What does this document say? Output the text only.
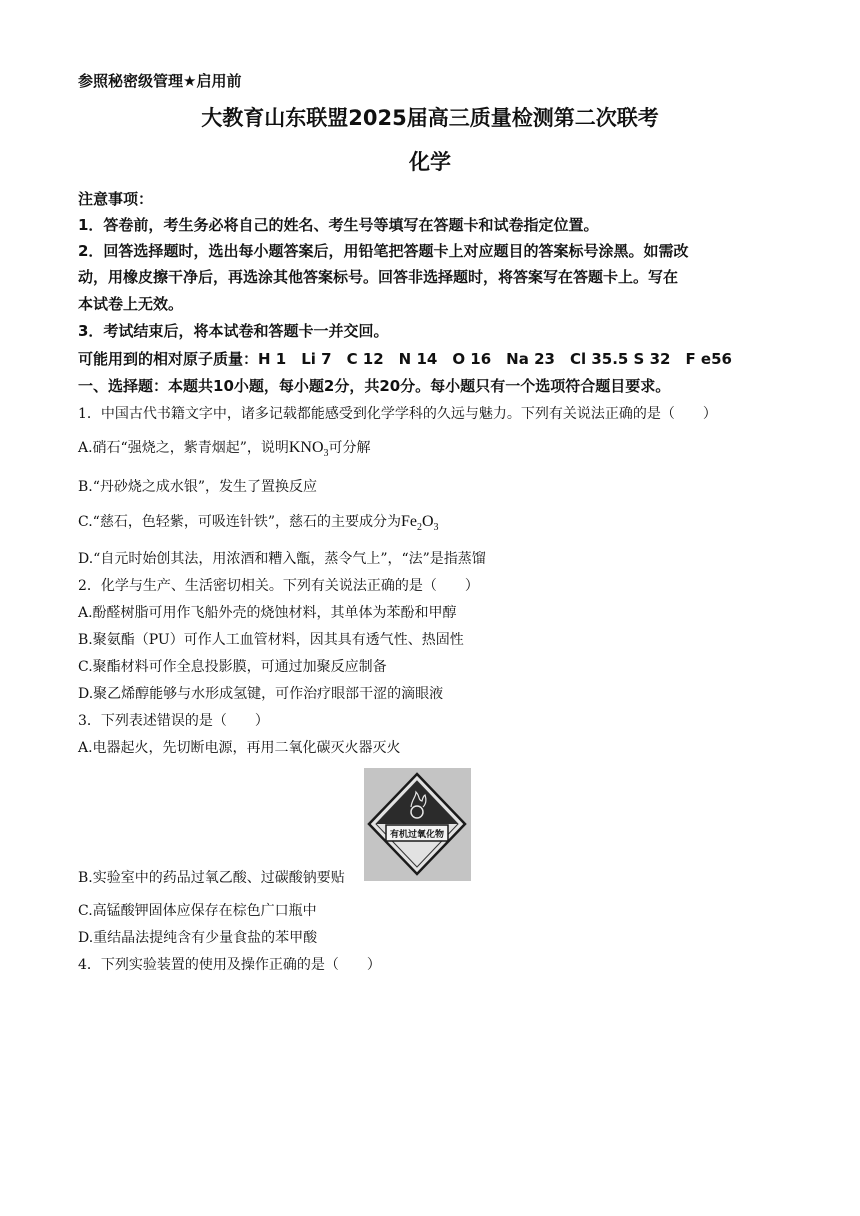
参照秘密级管理★启用前
大教育山东联盟2025届高三质量检测第二次联考
化学
注意事项：
1．答卷前，考生务必将自己的姓名、考生号等填写在答题卡和试卷指定位置。
2．回答选择题时，选出每小题答案后，用铅笔把答题卡上对应题目的答案标号涂黑。如需改
动，用橡皮擦干净后，再选涂其他答案标号。回答非选择题时，将答案写在答题卡上。写在
本试卷上无效。
3．考试结束后，将本试卷和答题卡一并交回。
可能用到的相对原子质量：H 1　Li 7　C 12　N 14　O 16　Na 23　Cl 35.5 S 32　F e56
一、选择题：本题共10小题，每小题2分，共20分。每小题只有一个选项符合题目要求。
1．中国古代书籍文字中，诸多记载都能感受到化学学科的久远与魅力。下列有关说法正确的是（　　）
A.硝石“强烧之，紫青烟起”，说明$KNO_3$可分解
B.“丹砂烧之成水银”，发生了置换反应
C.“慈石，色轻紫，可吸连针铁”，慈石的主要成分为$Fe_2O_3$
D.“自元时始创其法，用浓酒和糟入甑，蒸令气上”，“法”是指蒸馏
2．化学与生产、生活密切相关。下列有关说法正确的是（　　）
A.酚醛树脂可用作飞船外壳的烧蚀材料，其单体为苯酚和甲醇
B.聚氨酯（PU）可作人工血管材料，因其具有透气性、热固性
C.聚酯材料可作全息投影膜，可通过加聚反应制备
D.聚乙烯醇能够与水形成氢键，可作治疗眼部干涩的滴眼液
3．下列表述错误的是（　　）
A.电器起火，先切断电源，再用二氧化碳灭火器灭火
B.实验室中的药品过氧乙酸、过碳酸钠要贴
有机过氧化物
C.高锰酸钾固体应保存在棕色广口瓶中
D.重结晶法提纯含有少量食盐的苯甲酸
4．下列实验装置的使用及操作正确的是（　　）
